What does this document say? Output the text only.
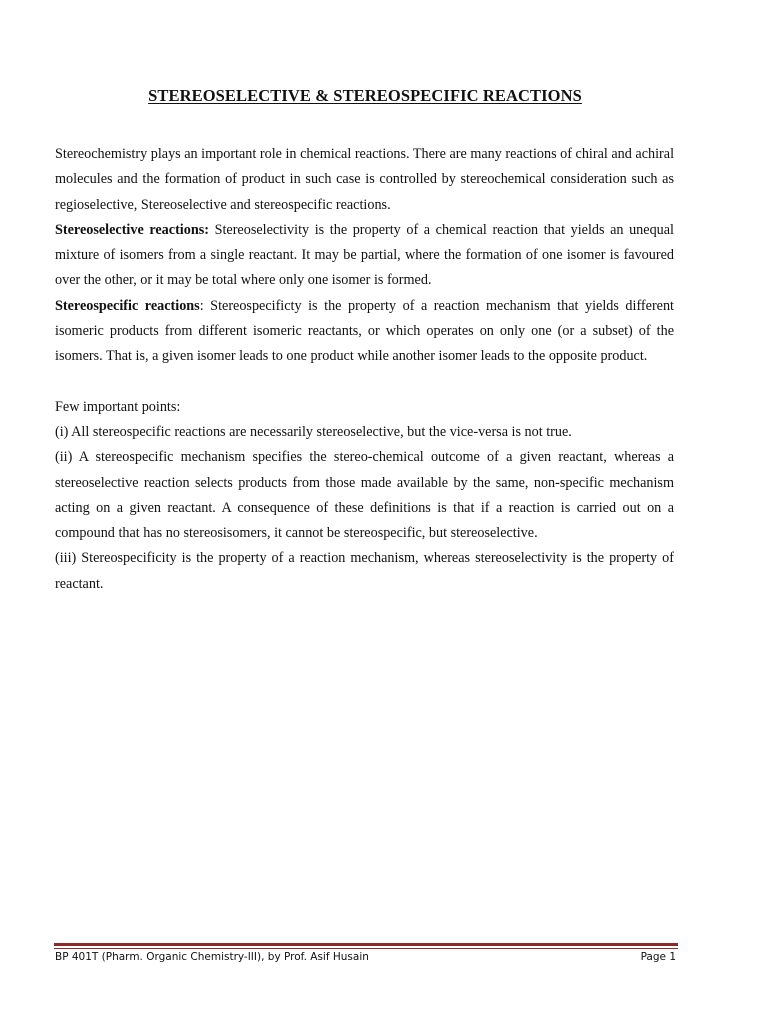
STEREOSELECTIVE & STEREOSPECIFIC REACTIONS

Stereochemistry plays an important role in chemical reactions. There are many reactions of chiral and achiral molecules and the formation of product in such case is controlled by stereochemical consideration such as regioselective, Stereoselective and stereospecific reactions.

Stereoselective reactions: Stereoselectivity is the property of a chemical reaction that yields an unequal mixture of isomers from a single reactant. It may be partial, where the formation of one isomer is favoured over the other, or it may be total where only one isomer is formed.

Stereospecific reactions: Stereospecificty is the property of a reaction mechanism that yields different isomeric products from different isomeric reactants, or which operates on only one (or a subset) of the isomers. That is, a given isomer leads to one product while another isomer leads to the opposite product.

Few important points:

(i) All stereospecific reactions are necessarily stereoselective, but the vice-versa is not true.

(ii) A stereospecific mechanism specifies the stereo-chemical outcome of a given reactant, whereas a stereoselective reaction selects products from those made available by the same, non-specific mechanism acting on a given reactant. A consequence of these definitions is that if a reaction is carried out on a compound that has no stereosisomers, it cannot be stereospecific, but stereoselective.

(iii) Stereospecificity is the property of a reaction mechanism, whereas stereoselectivity is the property of reactant.

BP 401T (Pharm. Organic Chemistry-III), by Prof. Asif Husain	Page 1
